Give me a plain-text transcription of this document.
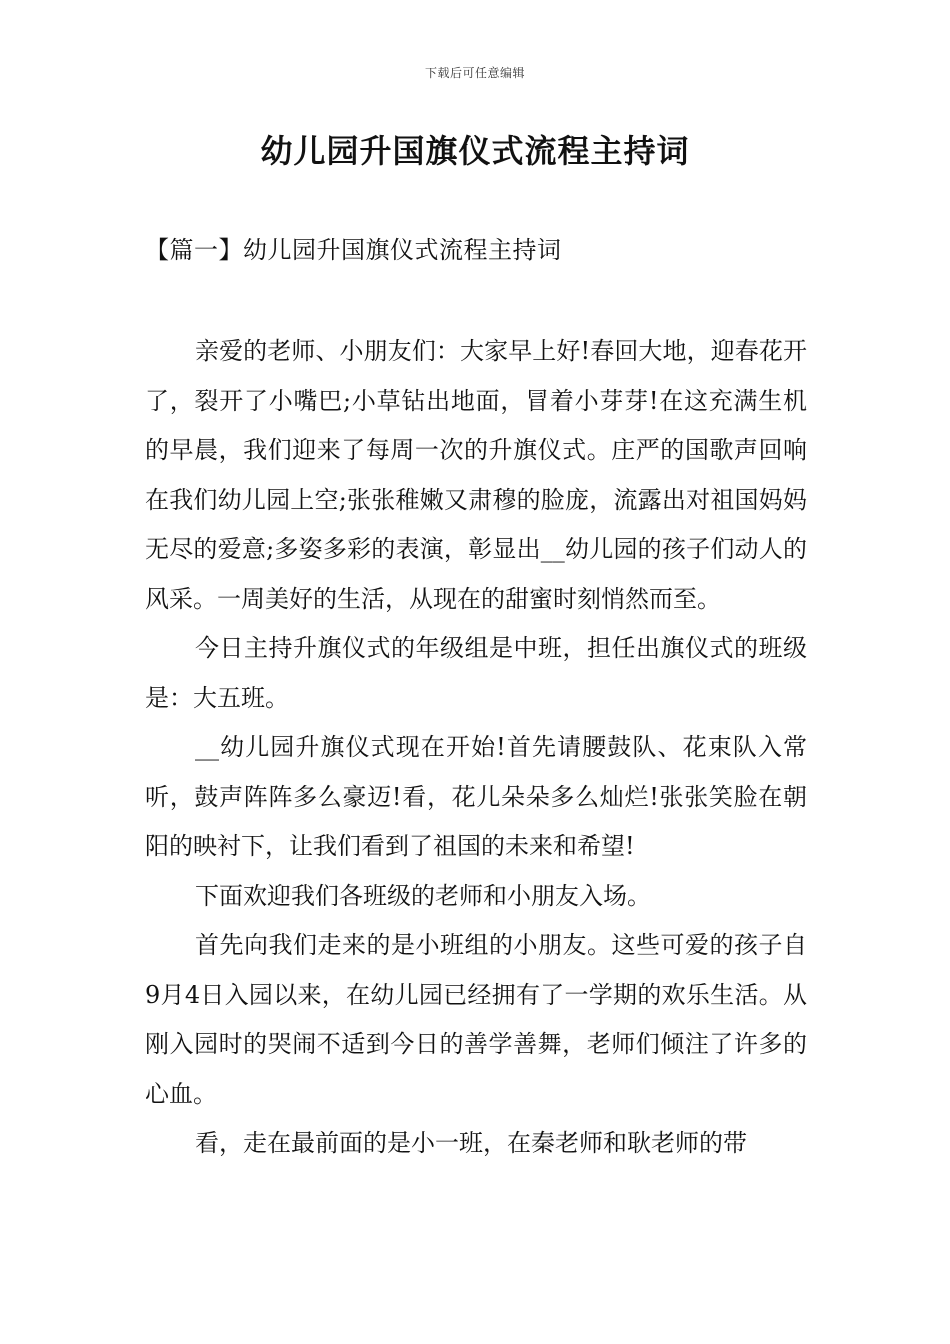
下载后可任意编辑
幼儿园升国旗仪式流程主持词
【篇一】幼儿园升国旗仪式流程主持词

亲爱的老师、小朋友们：大家早上好!春回大地，迎春花开了，裂开了小嘴巴;小草钻出地面，冒着小芽芽!在这充满生机的早晨，我们迎来了每周一次的升旗仪式。庄严的国歌声回响在我们幼儿园上空;张张稚嫩又肃穆的脸庞，流露出对祖国妈妈无尽的爱意;多姿多彩的表演，彰显出__幼儿园的孩子们动人的风采。一周美好的生活，从现在的甜蜜时刻悄然而至。

今日主持升旗仪式的年级组是中班，担任出旗仪式的班级是：大五班。

__幼儿园升旗仪式现在开始!首先请腰鼓队、花束队入常听，鼓声阵阵多么豪迈!看，花儿朵朵多么灿烂!张张笑脸在朝阳的映衬下，让我们看到了祖国的未来和希望!

下面欢迎我们各班级的老师和小朋友入场。

首先向我们走来的是小班组的小朋友。这些可爱的孩子自9月4日入园以来，在幼儿园已经拥有了一学期的欢乐生活。从刚入园时的哭闹不适到今日的善学善舞，老师们倾注了许多的心血。

看，走在最前面的是小一班，在秦老师和耿老师的带
